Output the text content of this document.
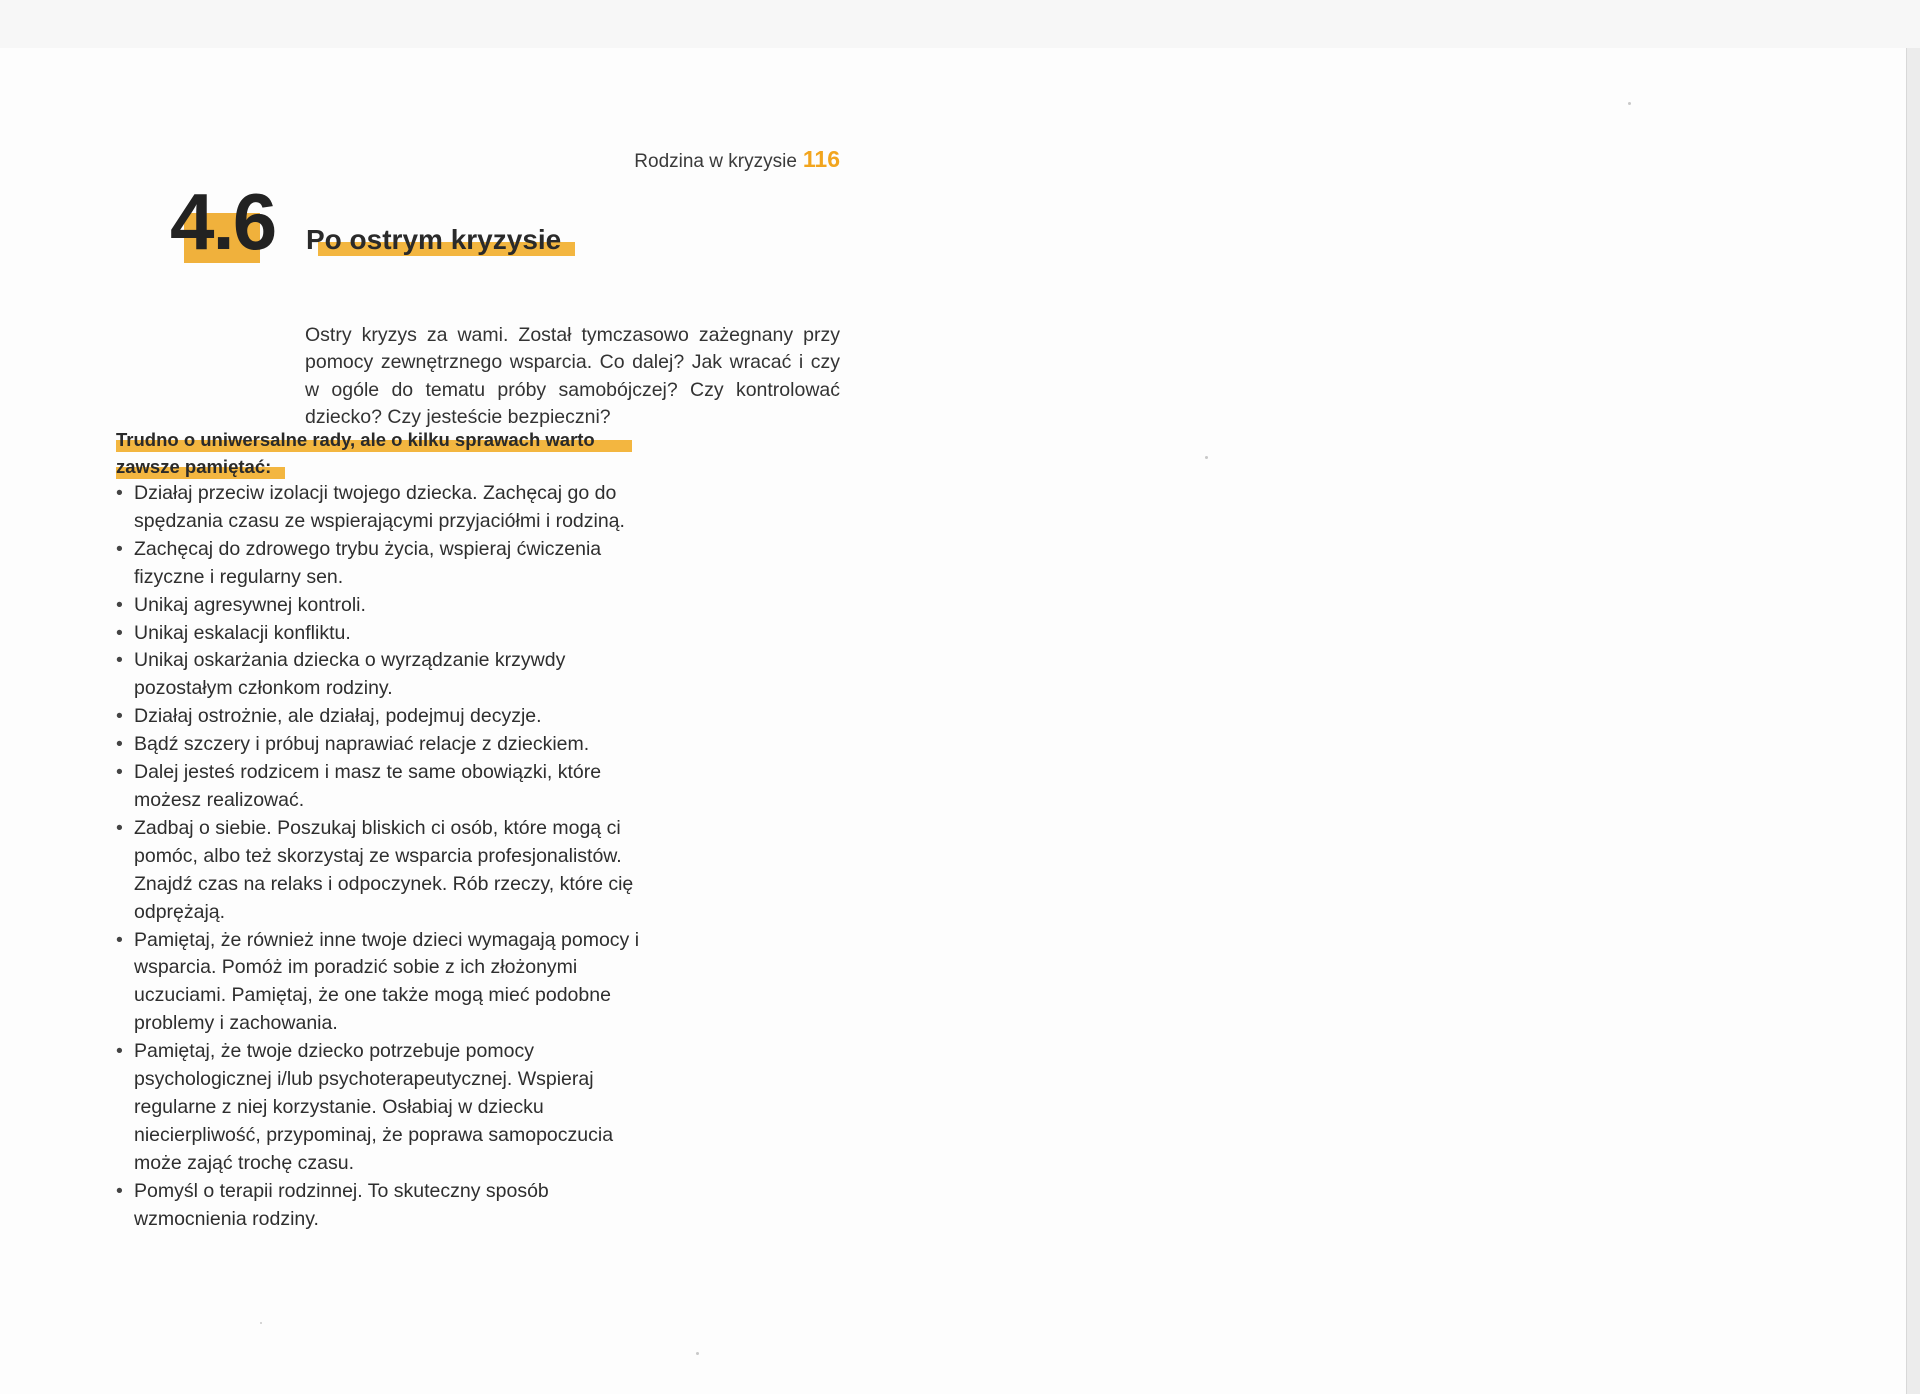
Rodzina w kryzysie 116
4.6 Po ostrym kryzysie

Ostry kryzys za wami. Został tymczasowo zażegnany przy pomocy zewnętrznego wsparcia. Co dalej? Jak wracać i czy w ogóle do tematu próby samobójczej? Czy kontrolować dziecko? Czy jesteście bezpieczni?

Trudno o uniwersalne rady, ale o kilku sprawach warto zawsze pamiętać:
• Działaj przeciw izolacji twojego dziecka. Zachęcaj go do spędzania czasu ze wspierającymi przyjaciółmi i rodziną.
• Zachęcaj do zdrowego trybu życia, wspieraj ćwiczenia fizyczne i regularny sen.
• Unikaj agresywnej kontroli.
• Unikaj eskalacji konfliktu.
• Unikaj oskarżania dziecka o wyrządzanie krzywdy pozostałym członkom rodziny.
• Działaj ostrożnie, ale działaj, podejmuj decyzje.
• Bądź szczery i próbuj naprawiać relacje z dzieckiem.
• Dalej jesteś rodzicem i masz te same obowiązki, które możesz realizować.
• Zadbaj o siebie. Poszukaj bliskich ci osób, które mogą ci pomóc, albo też skorzystaj ze wsparcia profesjonalistów. Znajdź czas na relaks i odpoczynek. Rób rzeczy, które cię odprężają.
• Pamiętaj, że również inne twoje dzieci wymagają pomocy i wsparcia. Pomóż im poradzić sobie z ich złożonymi uczuciami. Pamiętaj, że one także mogą mieć podobne problemy i zachowania.
• Pamiętaj, że twoje dziecko potrzebuje pomocy psychologicznej i/lub psychoterapeutycznej. Wspieraj regularne z niej korzystanie. Osłabiaj w dziecku niecierpliwość, przypominaj, że poprawa samopoczucia może zająć trochę czasu.
• Pomyśl o terapii rodzinnej. To skuteczny sposób wzmocnienia rodziny.
